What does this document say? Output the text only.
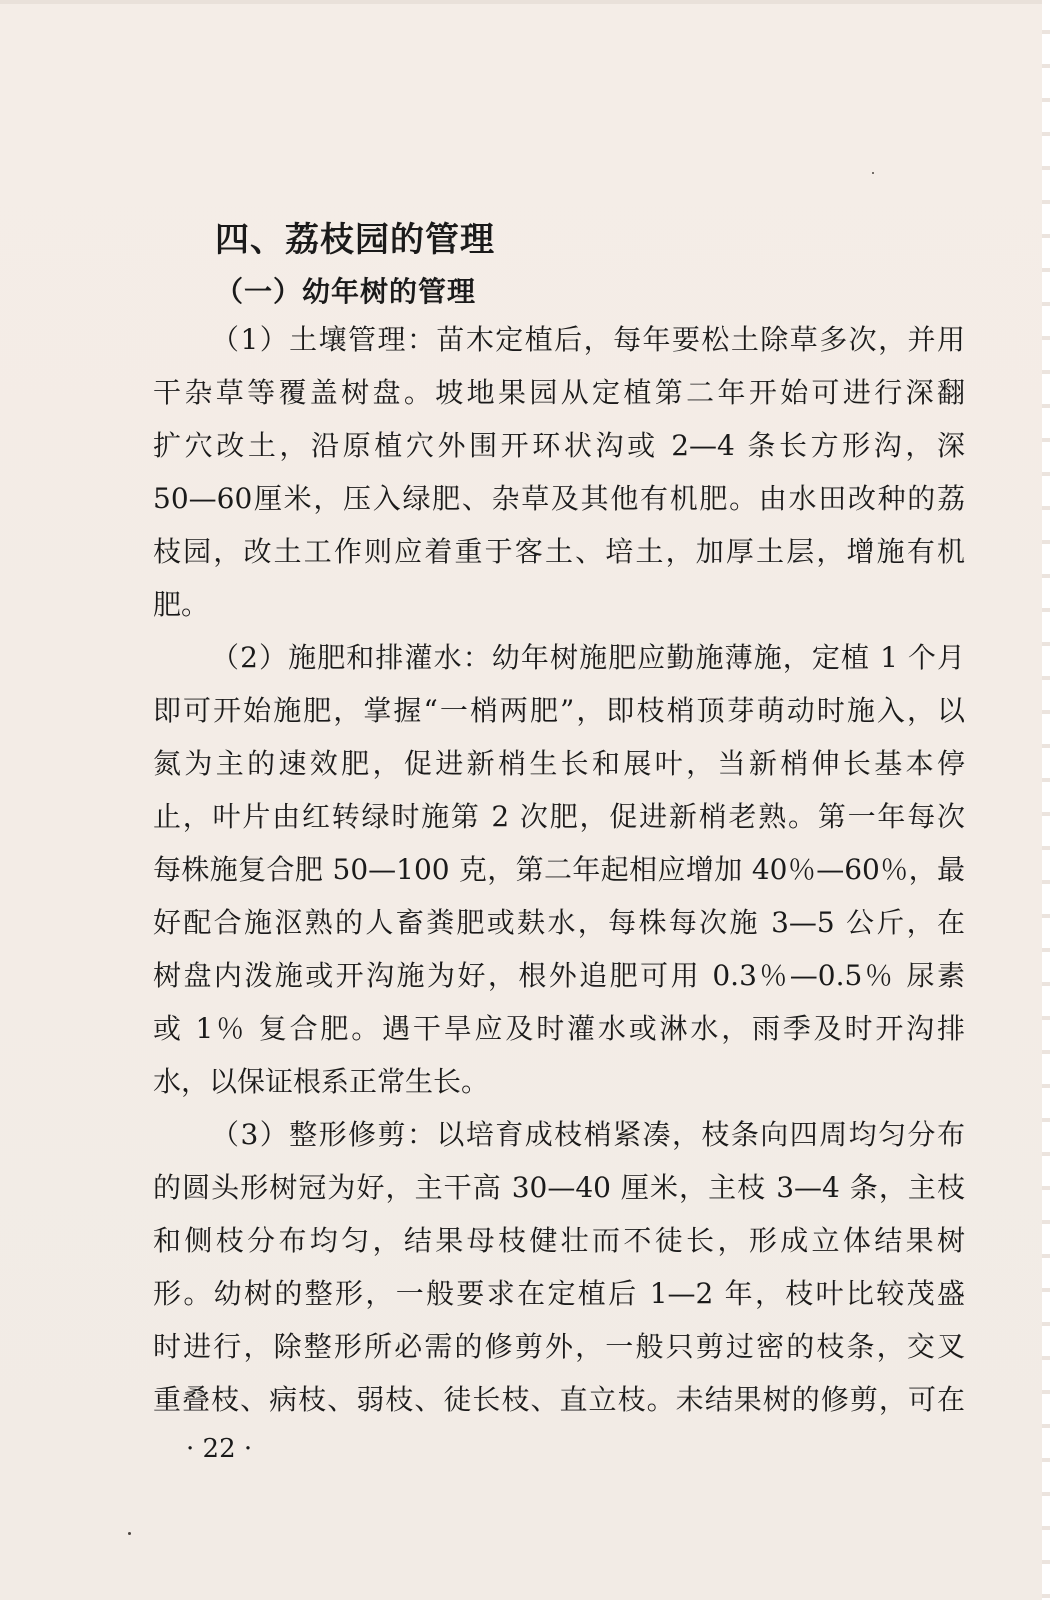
四、荔枝园的管理
（一）幼年树的管理

（1）土壤管理：苗木定植后，每年要松土除草多次，并用

干杂草等覆盖树盘。坡地果园从定植第二年开始可进行深翻

扩穴改土，沿原植穴外围开环状沟或 2—4 条长方形沟，深

50—60厘米，压入绿肥、杂草及其他有机肥。由水田改种的荔

枝园，改土工作则应着重于客土、培土，加厚土层，增施有机

肥。

（2）施肥和排灌水：幼年树施肥应勤施薄施，定植 1 个月

即可开始施肥，掌握“一梢两肥”，即枝梢顶芽萌动时施入，以

氮为主的速效肥，促进新梢生长和展叶，当新梢伸长基本停

止，叶片由红转绿时施第 2 次肥，促进新梢老熟。第一年每次

每株施复合肥 50—100 克，第二年起相应增加 40％—60％，最

好配合施沤熟的人畜粪肥或麸水，每株每次施 3—5 公斤，在

树盘内泼施或开沟施为好，根外追肥可用 0.3％—0.5％ 尿素

或 1％ 复合肥。遇干旱应及时灌水或淋水，雨季及时开沟排

水，以保证根系正常生长。

（3）整形修剪：以培育成枝梢紧凑，枝条向四周均匀分布

的圆头形树冠为好，主干高 30—40 厘米，主枝 3—4 条，主枝

和侧枝分布均匀，结果母枝健壮而不徒长，形成立体结果树

形。幼树的整形，一般要求在定植后 1—2 年，枝叶比较茂盛

时进行，除整形所必需的修剪外，一般只剪过密的枝条，交叉

重叠枝、病枝、弱枝、徒长枝、直立枝。未结果树的修剪，可在

· 22 ·
